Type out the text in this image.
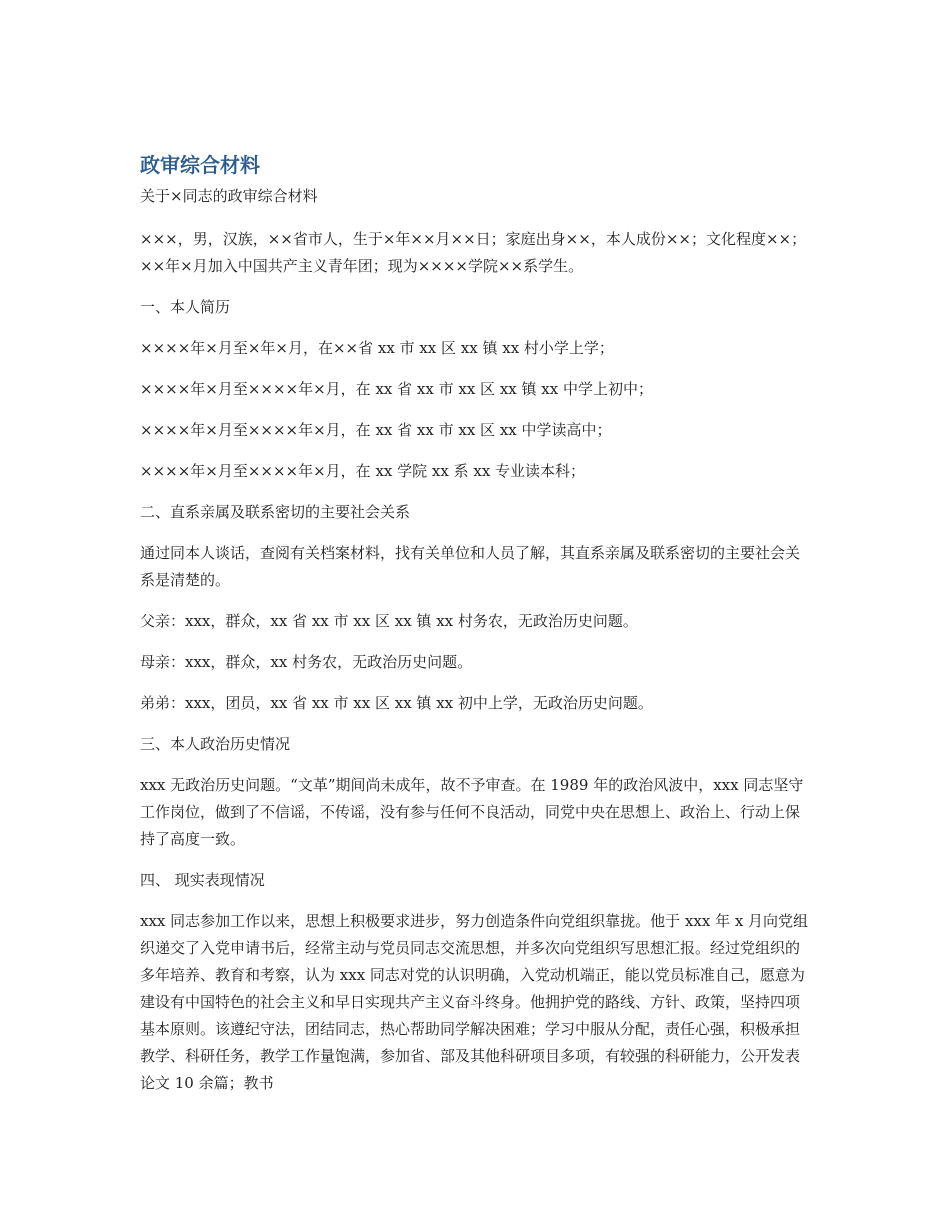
政审综合材料
关于×同志的政审综合材料

×××，男，汉族，××省市人，生于×年××月××日；家庭出身××，本人成份××；文化程度××；××年×月加入中国共产主义青年团；现为××××学院××系学生。

一、本人简历

××××年×月至×年×月，在××省 xx 市 xx 区 xx 镇 xx 村小学上学；

××××年×月至××××年×月，在 xx 省 xx 市 xx 区 xx 镇 xx 中学上初中；

××××年×月至××××年×月，在 xx 省 xx 市 xx 区 xx 中学读高中；

××××年×月至××××年×月，在 xx 学院 xx 系 xx 专业读本科；

二、直系亲属及联系密切的主要社会关系

通过同本人谈话，查阅有关档案材料，找有关单位和人员了解，其直系亲属及联系密切的主要社会关系是清楚的。

父亲：xxx，群众，xx 省 xx 市 xx 区 xx 镇 xx 村务农，无政治历史问题。

母亲：xxx，群众，xx 村务农，无政治历史问题。

弟弟：xxx，团员，xx 省 xx 市 xx 区 xx 镇 xx 初中上学，无政治历史问题。

三、本人政治历史情况

xxx 无政治历史问题。“文革”期间尚未成年，故不予审查。在 1989 年的政治风波中，xxx 同志坚守工作岗位，做到了不信谣，不传谣，没有参与任何不良活动，同党中央在思想上、政治上、行动上保持了高度一致。

四、 现实表现情况

xxx 同志参加工作以来，思想上积极要求进步，努力创造条件向党组织靠拢。他于 xxx 年 x 月向党组织递交了入党申请书后，经常主动与党员同志交流思想，并多次向党组织写思想汇报。经过党组织的多年培养、教育和考察，认为 xxx 同志对党的认识明确，入党动机端正，能以党员标准自己，愿意为建设有中国特色的社会主义和早日实现共产主义奋斗终身。他拥护党的路线、方针、政策，坚持四项基本原则。该遵纪守法，团结同志，热心帮助同学解决困难；学习中服从分配，责任心强，积极承担教学、科研任务，教学工作量饱满，参加省、部及其他科研项目多项，有较强的科研能力，公开发表论文 10 余篇；教书
